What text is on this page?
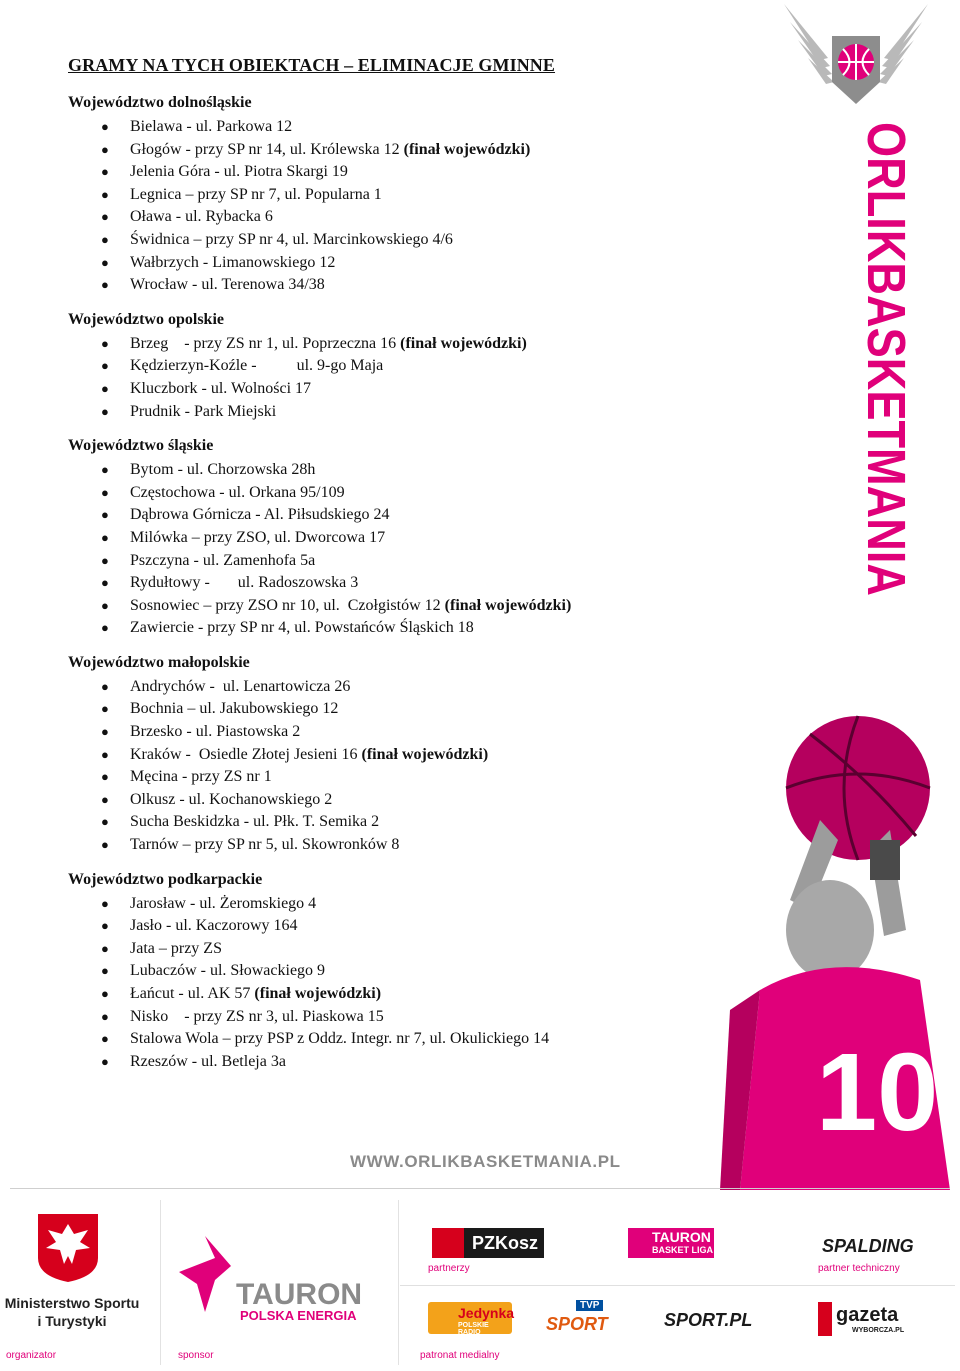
GRAMY NA TYCH OBIEKTACH – ELIMINACJE GMINNE
Województwo dolnośląskie
● Bielawa - ul. Parkowa 12
● Głogów - przy SP nr 14, ul. Królewska 12 (finał wojewódzki)
● Jelenia Góra - ul. Piotra Skargi 19
● Legnica – przy SP nr 7, ul. Popularna 1
● Oława - ul. Rybacka 6
● Świdnica – przy SP nr 4, ul. Marcinkowskiego 4/6
● Wałbrzych - Limanowskiego 12
● Wrocław - ul. Terenowa 34/38
Województwo opolskie
● Brzeg    - przy ZS nr 1, ul. Poprzeczna 16 (finał wojewódzki)
● Kędzierzyn-Koźle -          ul. 9-go Maja
● Kluczbork - ul. Wolności 17
● Prudnik - Park Miejski
Województwo śląskie
● Bytom - ul. Chorzowska 28h
● Częstochowa - ul. Orkana 95/109
● Dąbrowa Górnicza - Al. Piłsudskiego 24
● Milówka – przy ZSO, ul. Dworcowa 17
● Pszczyna - ul. Zamenhofa 5a
● Rydułtowy -       ul. Radoszowska 3
● Sosnowiec – przy ZSO nr 10, ul.  Czołgistów 12 (finał wojewódzki)
● Zawiercie - przy SP nr 4, ul. Powstańców Śląskich 18
Województwo małopolskie
● Andrychów -  ul. Lenartowicza 26
● Bochnia – ul. Jakubowskiego 12
● Brzesko - ul. Piastowska 2
● Kraków -  Osiedle Złotej Jesieni 16 (finał wojewódzki)
● Męcina - przy ZS nr 1
● Olkusz - ul. Kochanowskiego 2
● Sucha Beskidzka - ul. Płk. T. Semika 2
● Tarnów – przy SP nr 5, ul. Skowronków 8
Województwo podkarpackie
● Jarosław - ul. Żeromskiego 4
● Jasło - ul. Kaczorowy 164
● Jata – przy ZS
● Lubaczów - ul. Słowackiego 9
● Łańcut - ul. AK 57 (finał wojewódzki)
● Nisko    - przy ZS nr 3, ul. Piaskowa 15
● Stalowa Wola – przy PSP z Oddz. Integr. nr 7, ul. Okulickiego 14
● Rzeszów - ul. Betleja 3a
ORLIKBASKETMANIA
10
WWW.ORLIKBASKETMANIA.PL
Ministerstwo Sportu i Turystyki
organizator
TAURON
POLSKA ENERGIA
sponsor
PZKosz
partnerzy
TAURON
BASKET LIGA	SPALDING
partner techniczny
Jedynka
POLSKIE RADIO
TVP
SPORT	SPORT.PL	gazeta
WYBORCZA.PL
patronat medialny
